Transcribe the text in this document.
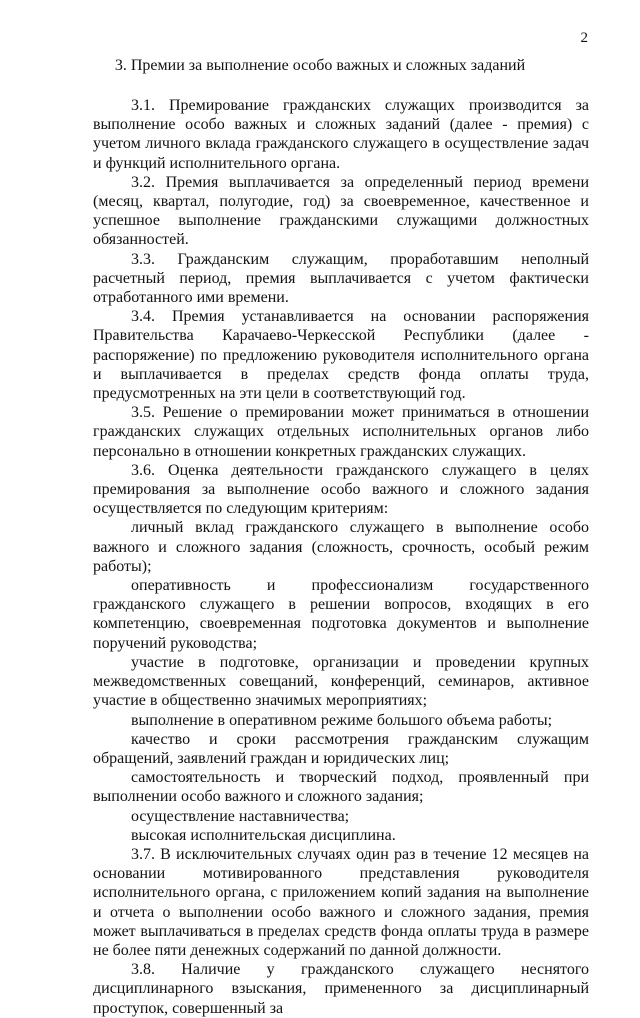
2
3. Премии за выполнение особо важных и сложных заданий

3.1. Премирование гражданских служащих производится за выполнение особо важных и сложных заданий (далее - премия) с учетом личного вклада гражданского служащего в осуществление задач и функций исполнительного органа.

3.2. Премия выплачивается за определенный период времени (месяц, квартал, полугодие, год) за своевременное, качественное и успешное выполнение гражданскими служащими должностных обязанностей.

3.3. Гражданским служащим, проработавшим неполный расчетный период, премия выплачивается с учетом фактически отработанного ими времени.

3.4. Премия устанавливается на основании распоряжения Правительства Карачаево-Черкесской Республики (далее - распоряжение) по предложению руководителя исполнительного органа и выплачивается в пределах средств фонда оплаты труда, предусмотренных на эти цели в соответствующий год.

3.5. Решение о премировании может приниматься в отношении гражданских служащих отдельных исполнительных органов либо персонально в отношении конкретных гражданских служащих.

3.6. Оценка деятельности гражданского служащего в целях премирования за выполнение особо важного и сложного задания осуществляется по следующим критериям:

личный вклад гражданского служащего в выполнение особо важного и сложного задания (сложность, срочность, особый режим работы);

оперативность и профессионализм государственного гражданского служащего в решении вопросов, входящих в его компетенцию, своевременная подготовка документов и выполнение поручений руководства;

участие в подготовке, организации и проведении крупных межведомственных совещаний, конференций, семинаров, активное участие в общественно значимых мероприятиях;

выполнение в оперативном режиме большого объема работы;

качество и сроки рассмотрения гражданским служащим обращений, заявлений граждан и юридических лиц;

самостоятельность и творческий подход, проявленный при выполнении особо важного и сложного задания;

осуществление наставничества;

высокая исполнительская дисциплина.

3.7. В исключительных случаях один раз в течение 12 месяцев на основании мотивированного представления руководителя исполнительного органа, с приложением копий задания на выполнение и отчета о выполнении особо важного и сложного задания, премия может выплачиваться в пределах средств фонда оплаты труда в размере не более пяти денежных содержаний по данной должности.

3.8. Наличие у гражданского служащего неснятого дисциплинарного взыскания, примененного за дисциплинарный проступок, совершенный за
